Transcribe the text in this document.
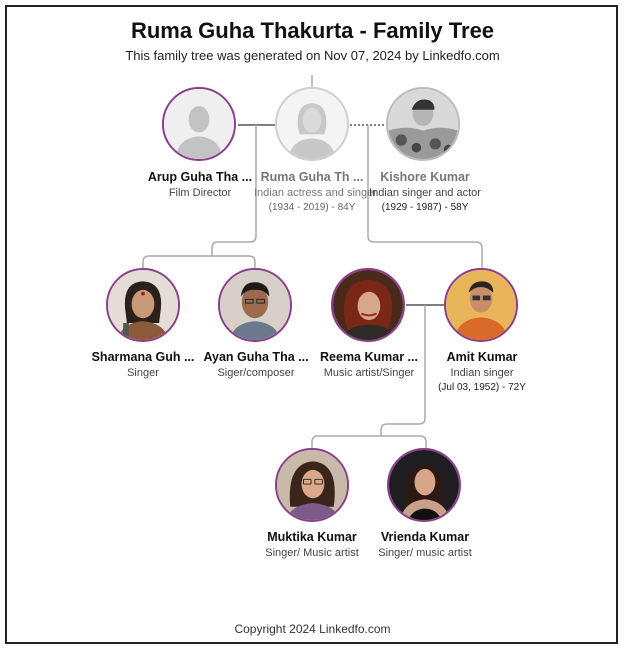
Ruma Guha Thakurta - Family Tree
This family tree was generated on Nov 07, 2024 by Linkedfo.com
Arup Guha Tha ...
Film Director
Ruma Guha Th ...
Indian actress and singer
(1934 - 2019) - 84Y
Kishore Kumar
Indian singer and actor
(1929 - 1987) - 58Y
Sharmana Guh ...
Singer
Ayan Guha Tha ...
Siger/composer
Reema Kumar ...
Music artist/Singer
Amit Kumar
Indian singer
(Jul 03, 1952) - 72Y
Muktika Kumar
Singer/ Music artist
Vrienda Kumar
Singer/ music artist
Copyright 2024 Linkedfo.com
